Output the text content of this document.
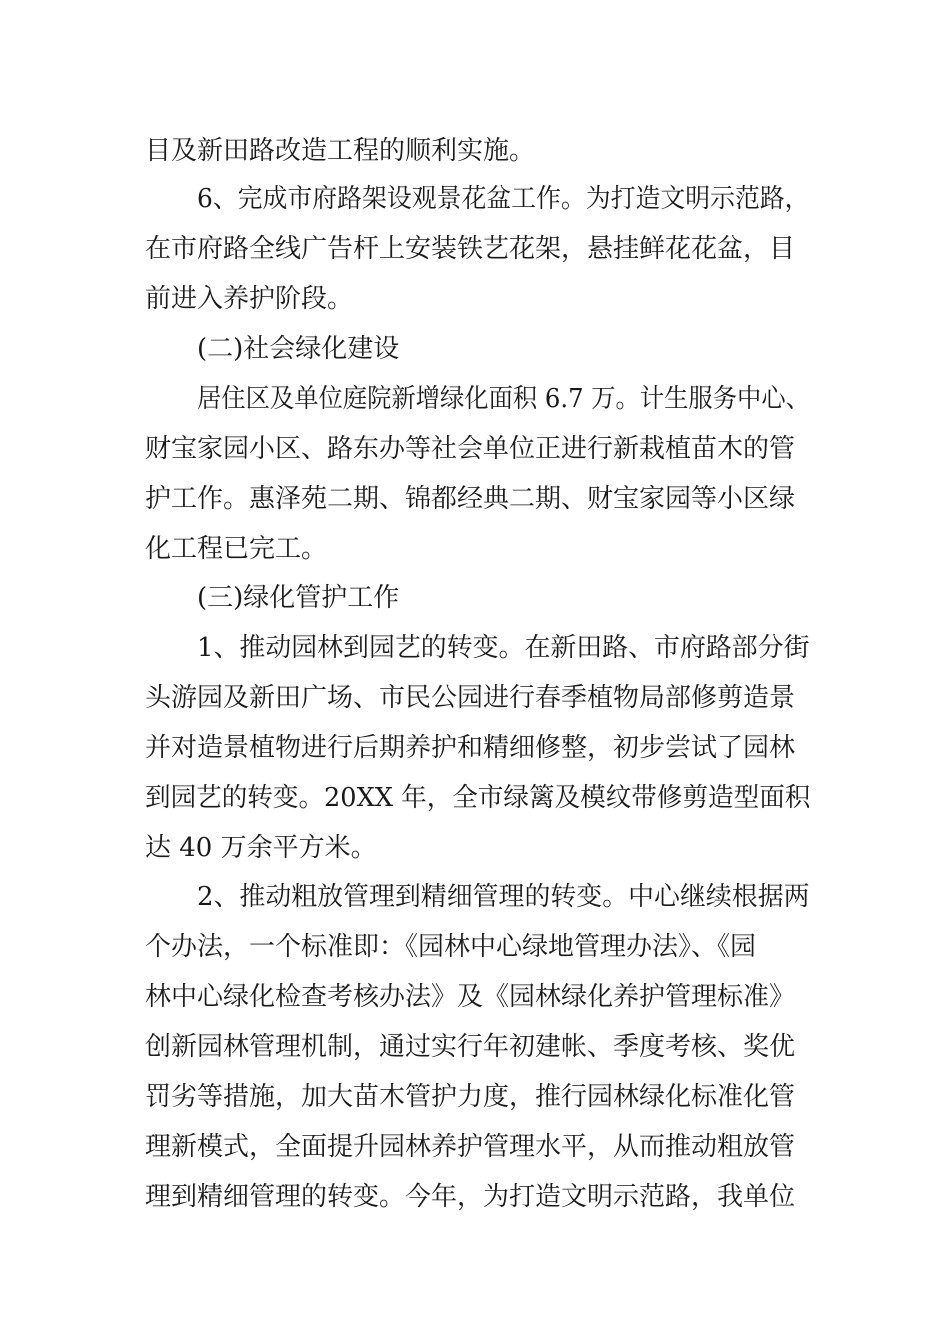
目及新田路改造工程的顺利实施。
6、完成市府路架设观景花盆工作。为打造文明示范路，
在市府路全线广告杆上安装铁艺花架，悬挂鲜花花盆，目
前进入养护阶段。
(二)社会绿化建设
居住区及单位庭院新增绿化面积 6.7 万。计生服务中心、
财宝家园小区、路东办等社会单位正进行新栽植苗木的管
护工作。惠泽苑二期、锦都经典二期、财宝家园等小区绿
化工程已完工。
(三)绿化管护工作
1、推动园林到园艺的转变。在新田路、市府路部分街
头游园及新田广场、市民公园进行春季植物局部修剪造景
并对造景植物进行后期养护和精细修整，初步尝试了园林
到园艺的转变。20XX 年，全市绿篱及模纹带修剪造型面积
达 40 万余平方米。
2、推动粗放管理到精细管理的转变。中心继续根据两
个办法，一个标准即：《园林中心绿地管理办法》、《园
林中心绿化检查考核办法》及《园林绿化养护管理标准》
创新园林管理机制，通过实行年初建帐、季度考核、奖优
罚劣等措施，加大苗木管护力度，推行园林绿化标准化管
理新模式，全面提升园林养护管理水平，从而推动粗放管
理到精细管理的转变。今年，为打造文明示范路，我单位
